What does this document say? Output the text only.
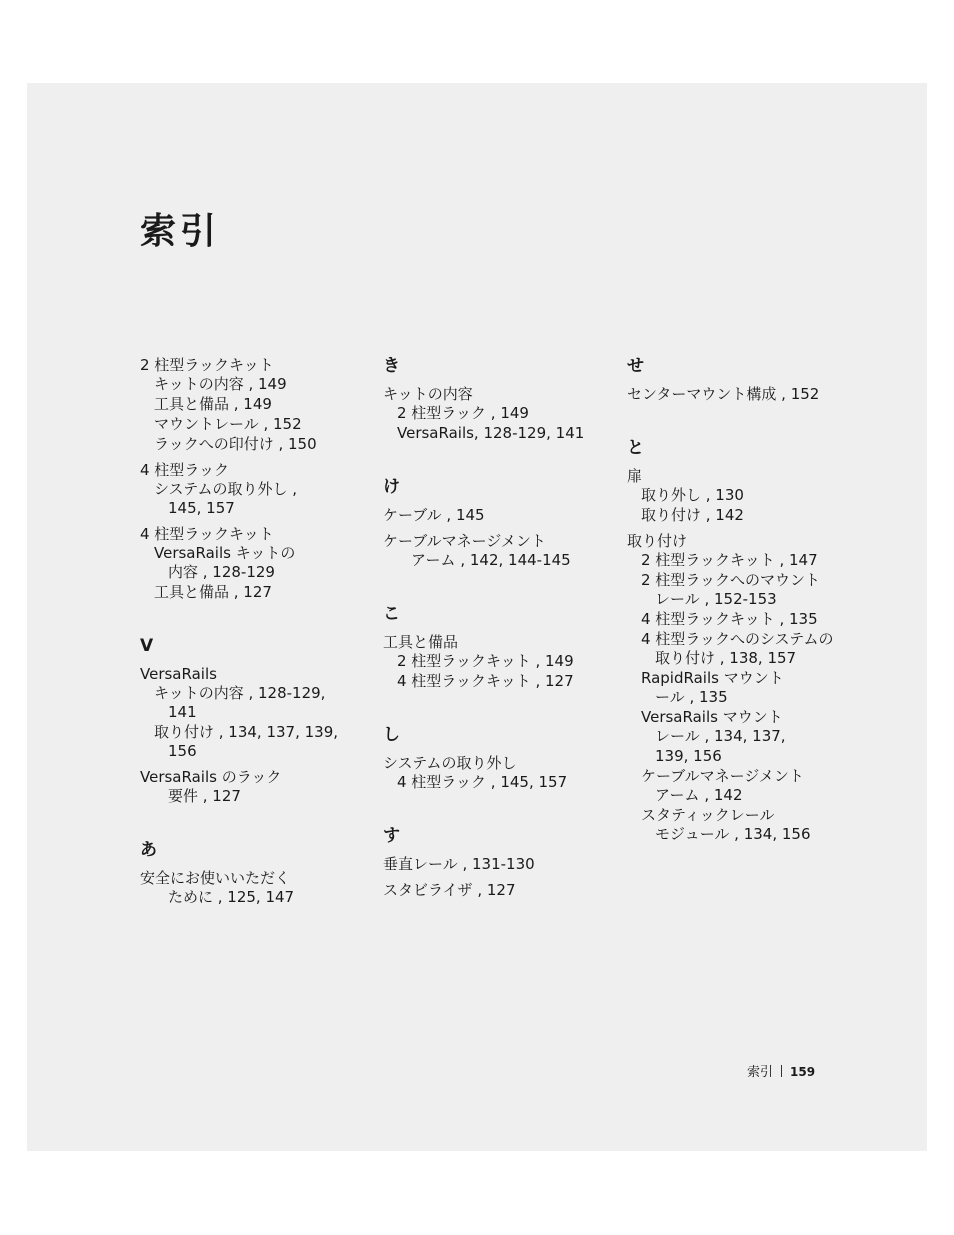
索引
2 柱型ラックキット
キットの内容 , 149
工具と備品 , 149
マウントレール , 152
ラックへの印付け , 150
4 柱型ラック
システムの取り外し ,
145, 157
4 柱型ラックキット
VersaRails キットの
内容 , 128-129
工具と備品 , 127
V
VersaRails
キットの内容 , 128-129,
141
取り付け , 134, 137, 139,
156
VersaRails のラック
要件 , 127
あ
安全にお使いいただく
ために , 125, 147
き
キットの内容
2 柱型ラック , 149
VersaRails, 128-129, 141
け
ケーブル , 145
ケーブルマネージメント
アーム , 142, 144-145
こ
工具と備品
2 柱型ラックキット , 149
4 柱型ラックキット , 127
し
システムの取り外し
4 柱型ラック , 145, 157
す
垂直レール , 131-130
スタビライザ , 127
せ
センターマウント構成 , 152
と
扉
取り外し , 130
取り付け , 142
取り付け
2 柱型ラックキット , 147
2 柱型ラックへのマウント
レール , 152-153
4 柱型ラックキット , 135
4 柱型ラックへのシステムの
取り付け , 138, 157
RapidRails マウント
ール , 135
VersaRails マウント
レール , 134, 137,
139, 156
ケーブルマネージメント
アーム , 142
スタティックレール
モジュール , 134, 156
索引 159
